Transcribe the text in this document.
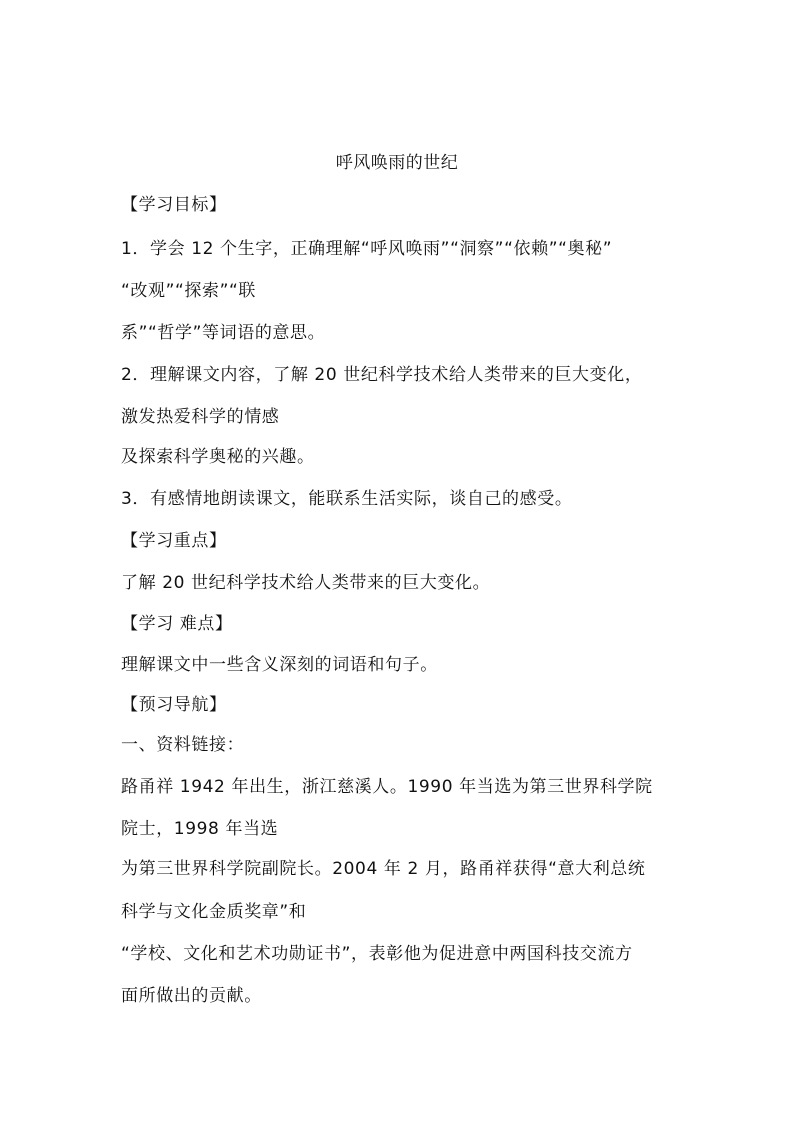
呼风唤雨的世纪
【学习目标】
1．学会 12 个生字，正确理解“呼风唤雨”“洞察”“依赖”“奥秘”
“改观”“探索”“联
系”“哲学”等词语的意思。
2．理解课文内容，了解 20 世纪科学技术给人类带来的巨大变化，
激发热爱科学的情感
及探索科学奥秘的兴趣。
3．有感情地朗读课文，能联系生活实际，谈自己的感受。
【学习重点】
了解 20 世纪科学技术给人类带来的巨大变化。
【学习 难点】
理解课文中一些含义深刻的词语和句子。
【预习导航】
一、资料链接：
路甬祥 1942 年出生，浙江慈溪人。1990 年当选为第三世界科学院
院士，1998 年当选
为第三世界科学院副院长。2004 年 2 月，路甬祥获得“意大利总统
科学与文化金质奖章”和
“学校、文化和艺术功勋证书”，表彰他为促进意中两国科技交流方
面所做出的贡献。
